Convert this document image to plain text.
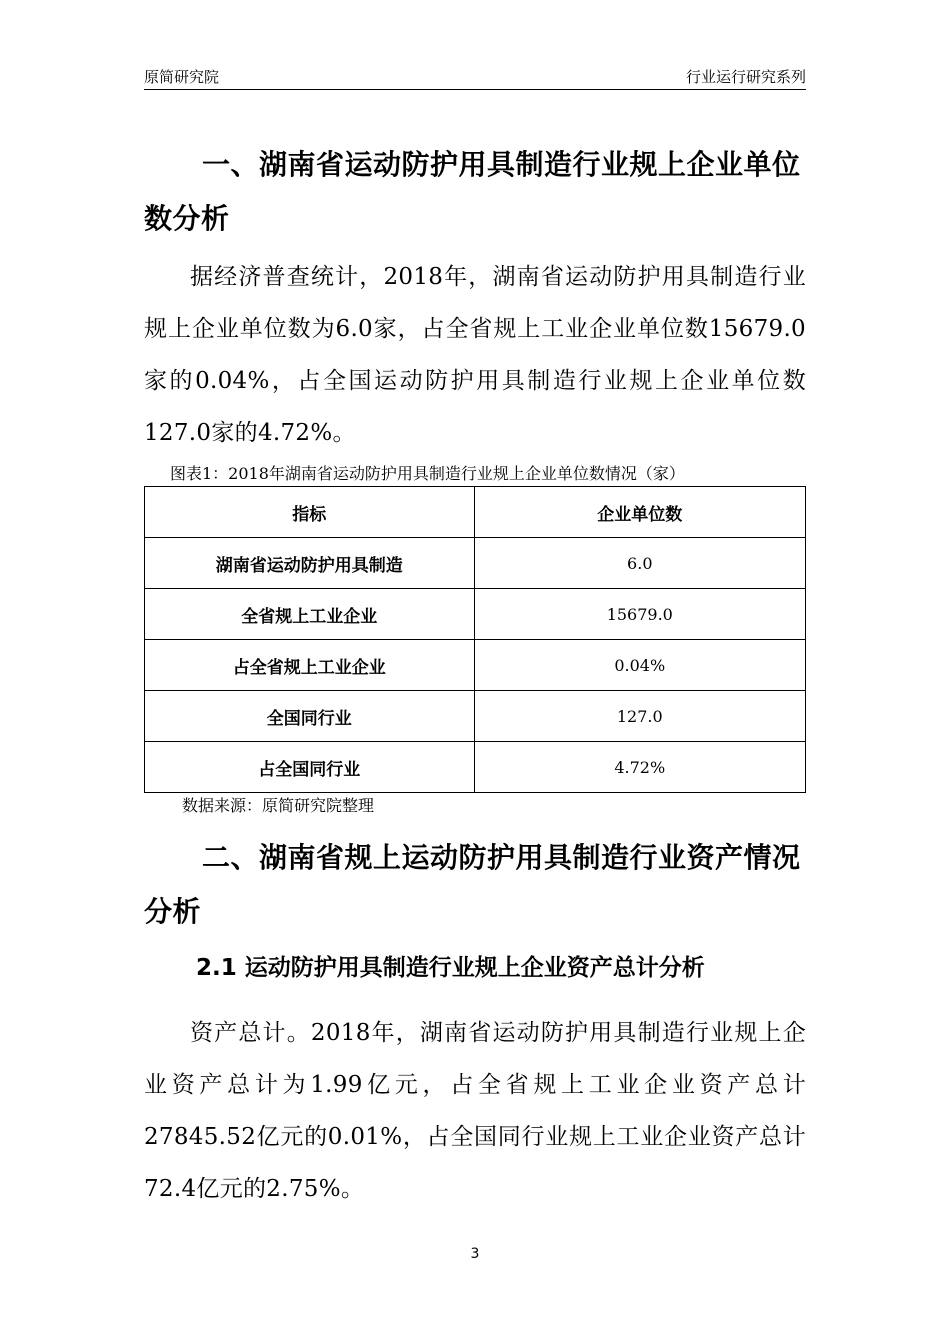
原简研究院	行业运行研究系列
一、湖南省运动防护用具制造行业规上企业单位数分析

据经济普查统计，2018年，湖南省运动防护用具制造行业规上企业单位数为6.0家，占全省规上工业企业单位数15679.0家的0.04%，占全国运动防护用具制造行业规上企业单位数127.0家的4.72%。

图表1：2018年湖南省运动防护用具制造行业规上企业单位数情况（家）
指标	企业单位数
湖南省运动防护用具制造	6.0
全省规上工业企业	15679.0
占全省规上工业企业	0.04%
全国同行业	127.0
占全国同行业	4.72%
数据来源：原简研究院整理
二、湖南省规上运动防护用具制造行业资产情况分析
2.1 运动防护用具制造行业规上企业资产总计分析

资产总计。2018年，湖南省运动防护用具制造行业规上企业资产总计为1.99亿元，占全省规上工业企业资产总计27845.52亿元的0.01%，占全国同行业规上工业企业资产总计72.4亿元的2.75%。

3
